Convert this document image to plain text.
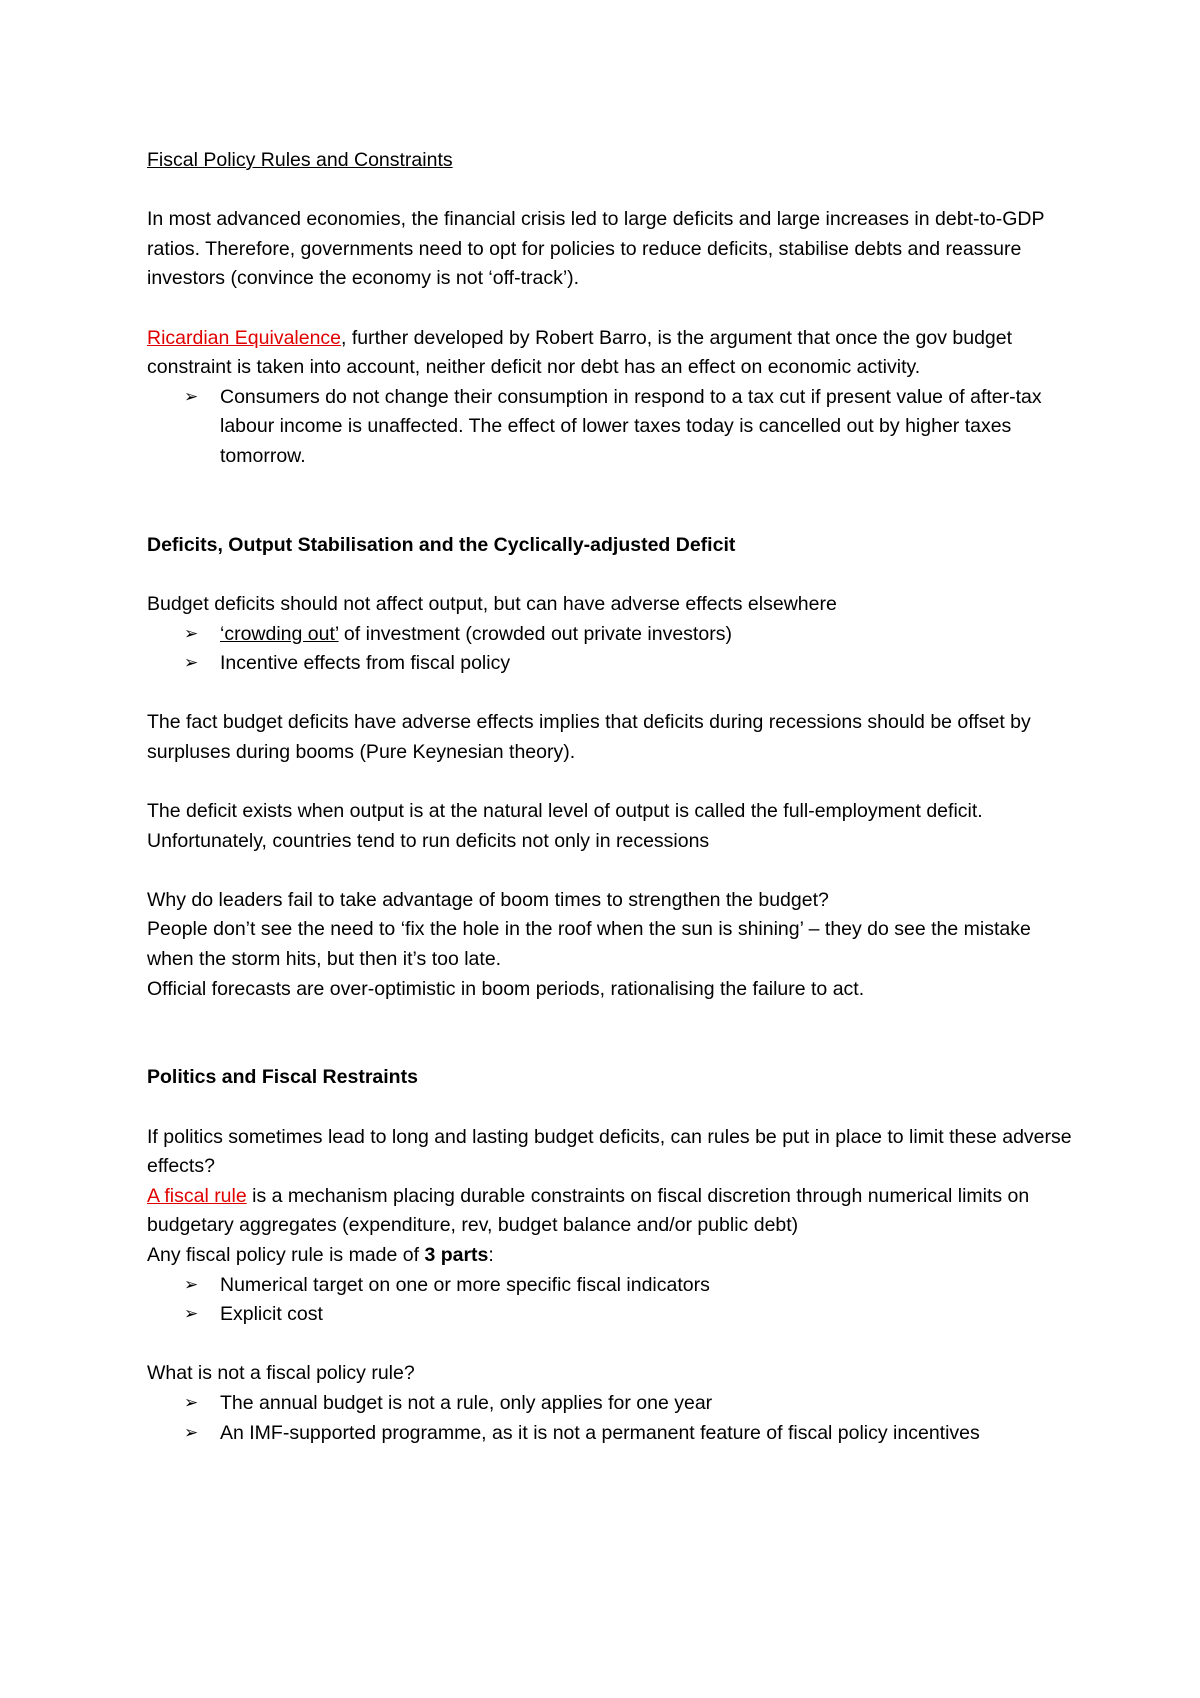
Fiscal Policy Rules and Constraints

In most advanced economies, the financial crisis led to large deficits and large increases in debt-to-GDP ratios. Therefore, governments need to opt for policies to reduce deficits, stabilise debts and reassure investors (convince the economy is not ‘off-track’).

Ricardian Equivalence, further developed by Robert Barro, is the argument that once the gov budget constraint is taken into account, neither deficit nor debt has an effect on economic activity.

➢	Consumers do not change their consumption in respond to a tax cut if present value of after-tax labour income is unaffected. The effect of lower taxes today is cancelled out by higher taxes tomorrow.

Deficits, Output Stabilisation and the Cyclically-adjusted Deficit

Budget deficits should not affect output, but can have adverse effects elsewhere

➢	‘crowding out’ of investment (crowded out private investors)
➢	Incentive effects from fiscal policy

The fact budget deficits have adverse effects implies that deficits during recessions should be offset by surpluses during booms (Pure Keynesian theory).

The deficit exists when output is at the natural level of output is called the full-employment deficit. Unfortunately, countries tend to run deficits not only in recessions

Why do leaders fail to take advantage of boom times to strengthen the budget?

People don’t see the need to ‘fix the hole in the roof when the sun is shining’ – they do see the mistake when the storm hits, but then it’s too late.

Official forecasts are over-optimistic in boom periods, rationalising the failure to act.

Politics and Fiscal Restraints

If politics sometimes lead to long and lasting budget deficits, can rules be put in place to limit these adverse effects?

A fiscal rule is a mechanism placing durable constraints on fiscal discretion through numerical limits on budgetary aggregates (expenditure, rev, budget balance and/or public debt)

Any fiscal policy rule is made of 3 parts:

➢	Numerical target on one or more specific fiscal indicators
➢	Explicit cost

What is not a fiscal policy rule?

➢	The annual budget is not a rule, only applies for one year
➢	An IMF-supported programme, as it is not a permanent feature of fiscal policy incentives
